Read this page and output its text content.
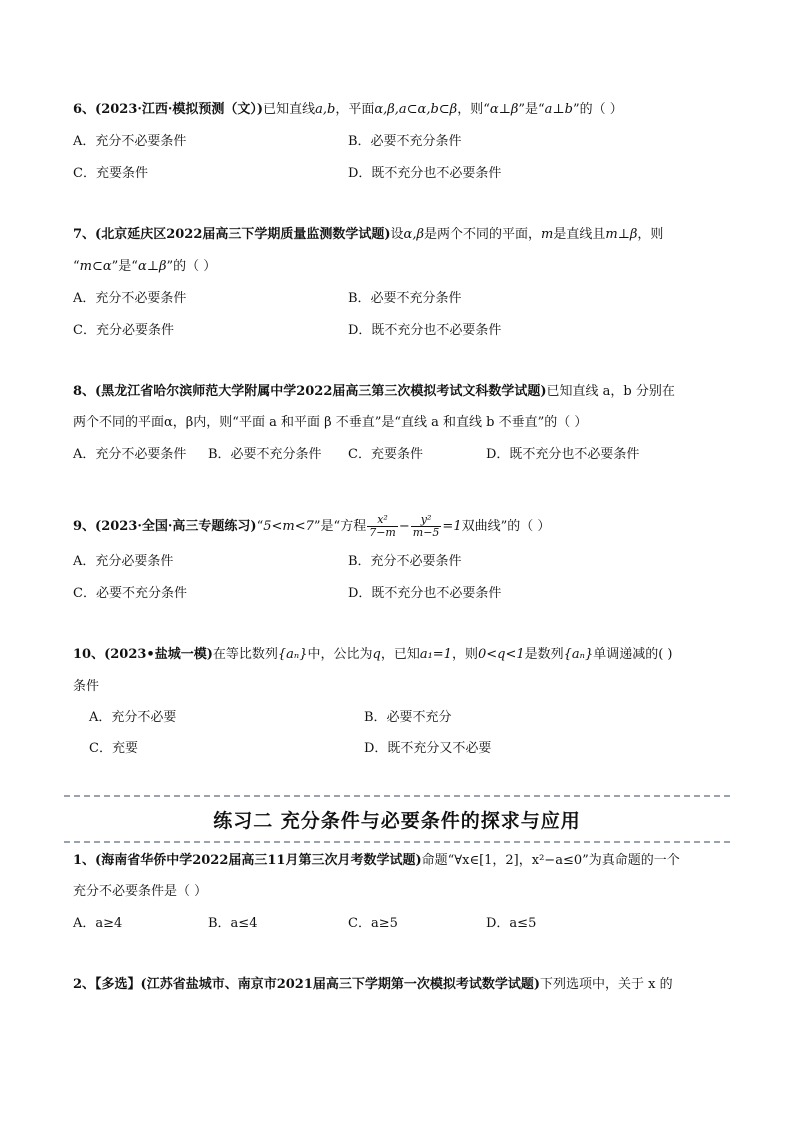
6、(2023·江西·模拟预测（文）)已知直线a,b，平面α,β,a⊂α,b⊂β，则“α⊥β”是“a⊥b”的（ ）
A．充分不必要条件	B．必要不充分条件
C．充要条件	D．既不充分也不必要条件
7、(北京延庆区2022届高三下学期质量监测数学试题)设α,β是两个不同的平面，m是直线且m⊥β，则
“m⊂α”是“α⊥β”的（ ）
A．充分不必要条件	B．必要不充分条件
C．充分必要条件	D．既不充分也不必要条件
8、(黑龙江省哈尔滨师范大学附属中学2022届高三第三次模拟考试文科数学试题)已知直线 a，b 分别在
两个不同的平面α，β内，则“平面 a 和平面 β 不垂直”是“直线 a 和直线 b 不垂直”的（ ）
A．充分不必要条件 B．必要不充分条件 C．充要条件	D．既不充分也不必要条件
9、(2023·全国·高三专题练习)“5<m<7”是“方程 $\frac{\text{x²}}{7-m} - \frac{\text{y²}}{m-5} =1$双曲线”的（ ）
A．充分必要条件	B．充分不必要条件
C．必要不充分条件	D．既不充分也不必要条件
10、(2023•盐城一模)在等比数列{aₙ}中，公比为q，已知a₁=1，则0<q<1是数列{aₙ}单调递减的( )
条件
A．充分不必要	B．必要不充分
C．充要	D．既不充分又不必要
练习二 充分条件与必要条件的探求与应用
1、(海南省华侨中学2022届高三11月第三次月考数学试题)命题“∀x∈[1，2]，x²−a≤0”为真命题的一个
充分不必要条件是（ ）
A．a≥4	B．a≤4	C．a≥5	D．a≤5
2、【多选】(江苏省盐城市、南京市2021届高三下学期第一次模拟考试数学试题)下列选项中，关于 x 的
